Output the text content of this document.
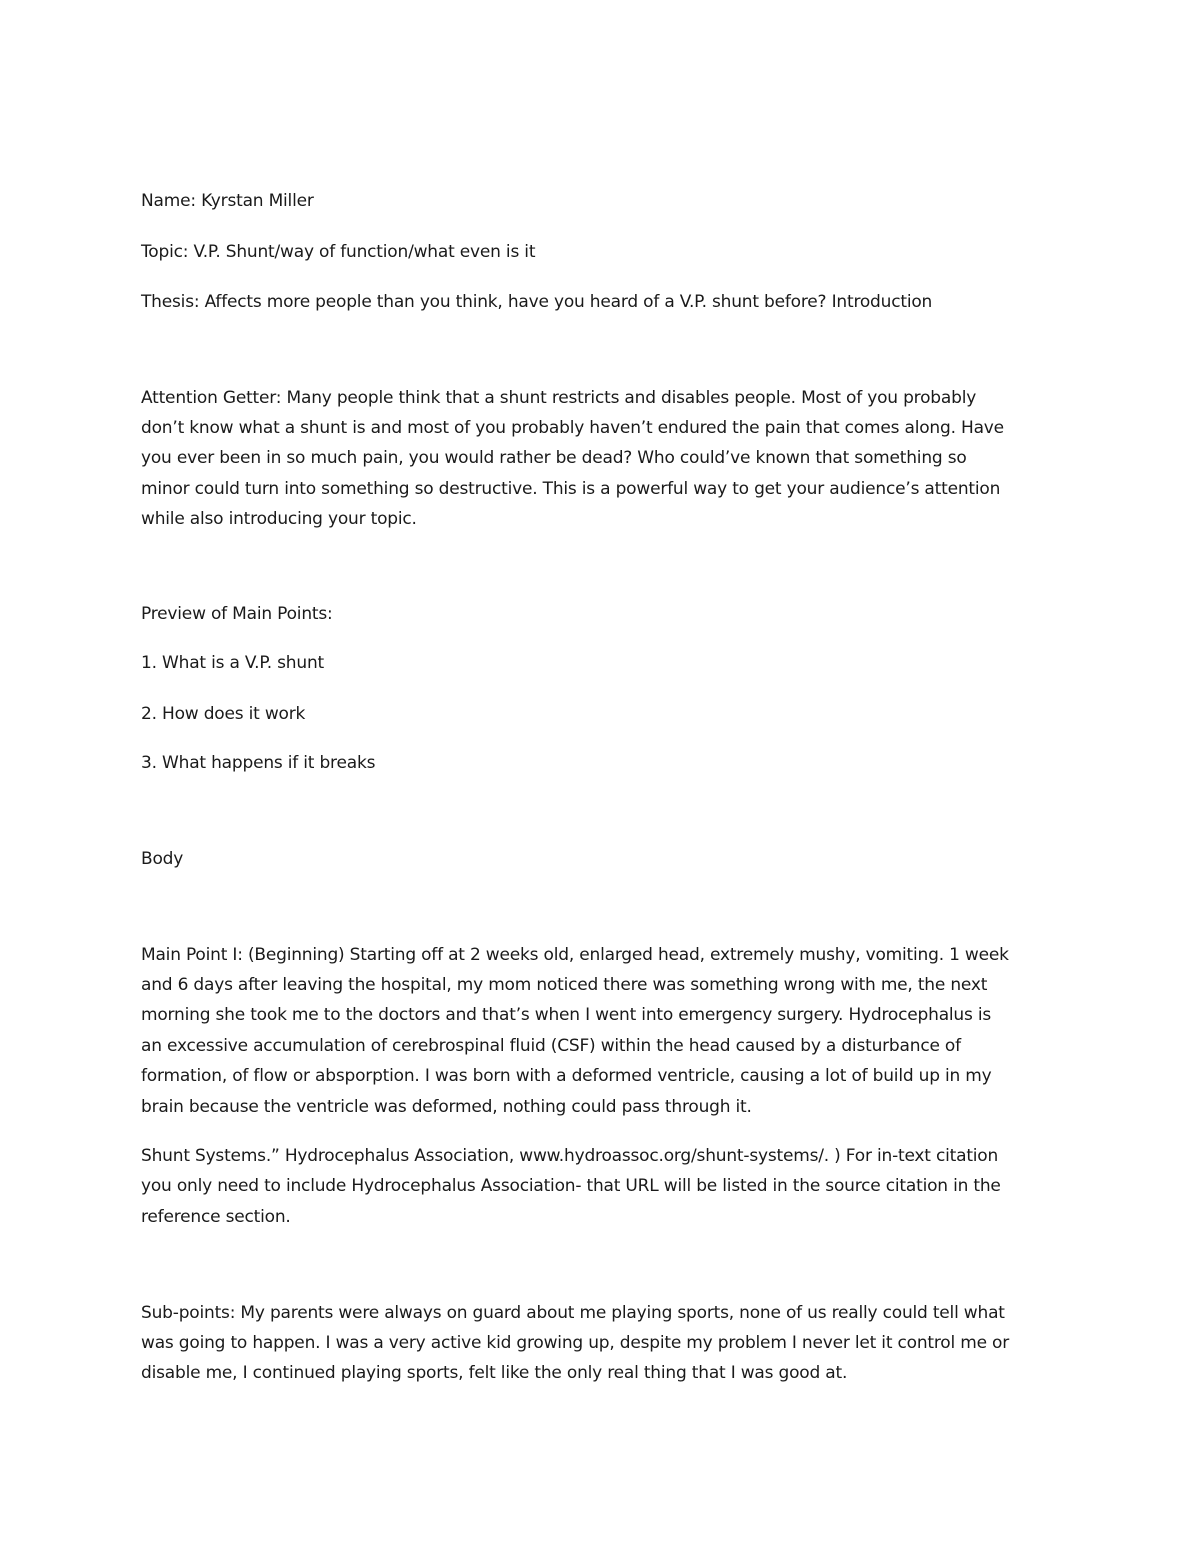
Name: Kyrstan Miller

Topic: V.P. Shunt/way of function/what even is it

Thesis: Affects more people than you think, have you heard of a V.P. shunt before? Introduction

Attention Getter: Many people think that a shunt restricts and disables people. Most of you probably

don’t know what a shunt is and most of you probably haven’t endured the pain that comes along. Have

you ever been in so much pain, you would rather be dead? Who could’ve known that something so

minor could turn into something so destructive. This is a powerful way to get your audience’s attention

while also introducing your topic.

Preview of Main Points:

1. What is a V.P. shunt

2. How does it work

3. What happens if it breaks

Body

Main Point I: (Beginning) Starting off at 2 weeks old, enlarged head, extremely mushy, vomiting. 1 week

and 6 days after leaving the hospital, my mom noticed there was something wrong with me, the next

morning she took me to the doctors and that’s when I went into emergency surgery. Hydrocephalus is

an excessive accumulation of cerebrospinal fluid (CSF) within the head caused by a disturbance of

formation, of flow or absporption. I was born with a deformed ventricle, causing a lot of build up in my

brain because the ventricle was deformed, nothing could pass through it.

Shunt Systems.” Hydrocephalus Association, www.hydroassoc.org/shunt-systems/. ) For in-text citation

you only need to include Hydrocephalus Association- that URL will be listed in the source citation in the

reference section.

Sub-points: My parents were always on guard about me playing sports, none of us really could tell what

was going to happen. I was a very active kid growing up, despite my problem I never let it control me or

disable me, I continued playing sports, felt like the only real thing that I was good at.
